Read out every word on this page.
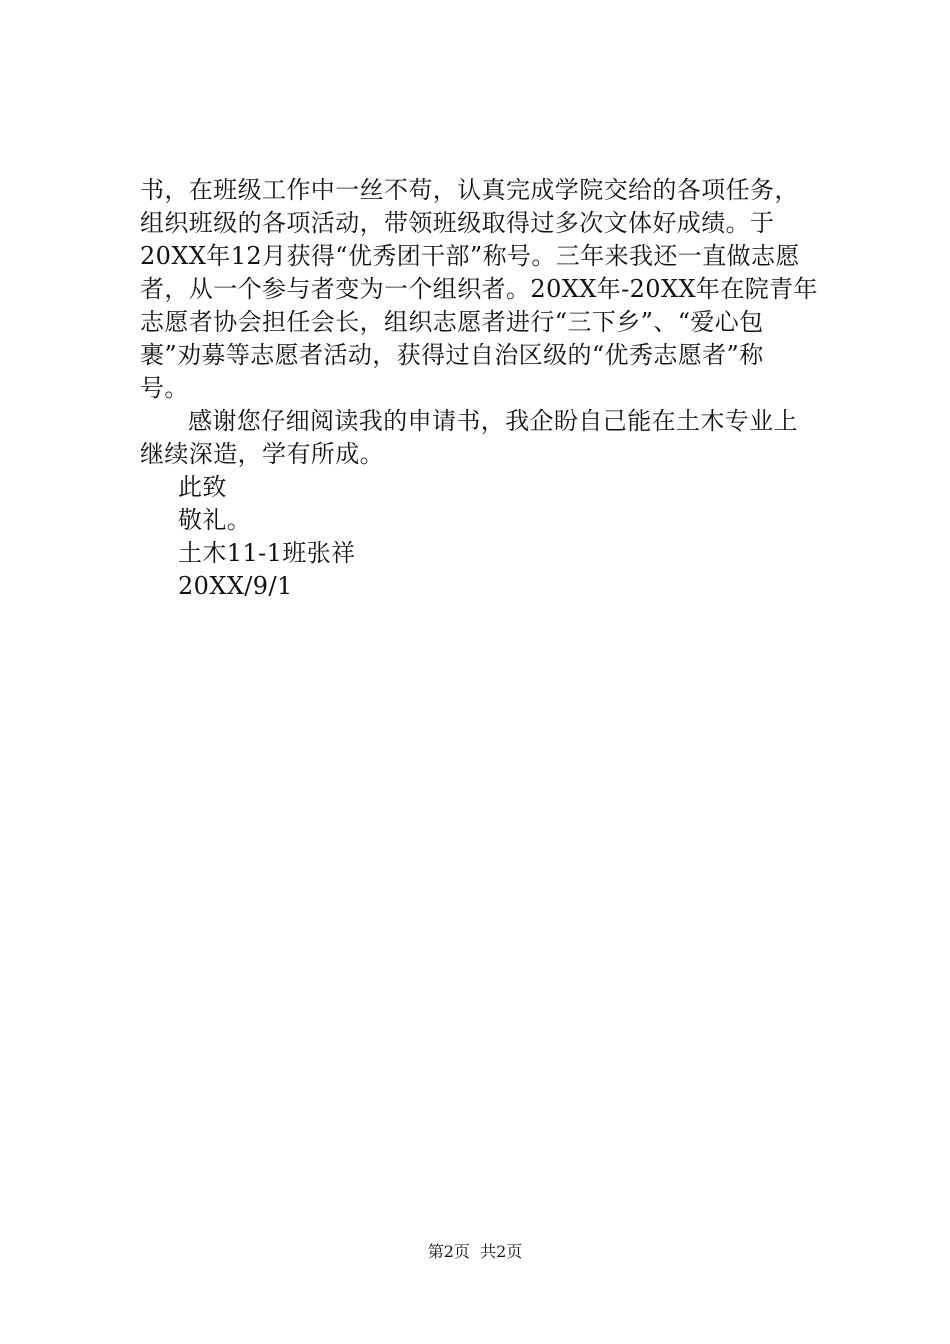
书，在班级工作中一丝不苟，认真完成学院交给的各项任务，
组织班级的各项活动，带领班级取得过多次文体好成绩。于
20XX年12月获得“优秀团干部”称号。三年来我还一直做志愿
者，从一个参与者变为一个组织者。20XX年-20XX年在院青年
志愿者协会担任会长，组织志愿者进行“三下乡”、“爱心包
裹”劝募等志愿者活动，获得过自治区级的“优秀志愿者”称
号。
感谢您仔细阅读我的申请书，我企盼自己能在土木专业上
继续深造，学有所成。
此致
敬礼。
土木11-1班张祥
20XX/9/1
第2页  共2页
